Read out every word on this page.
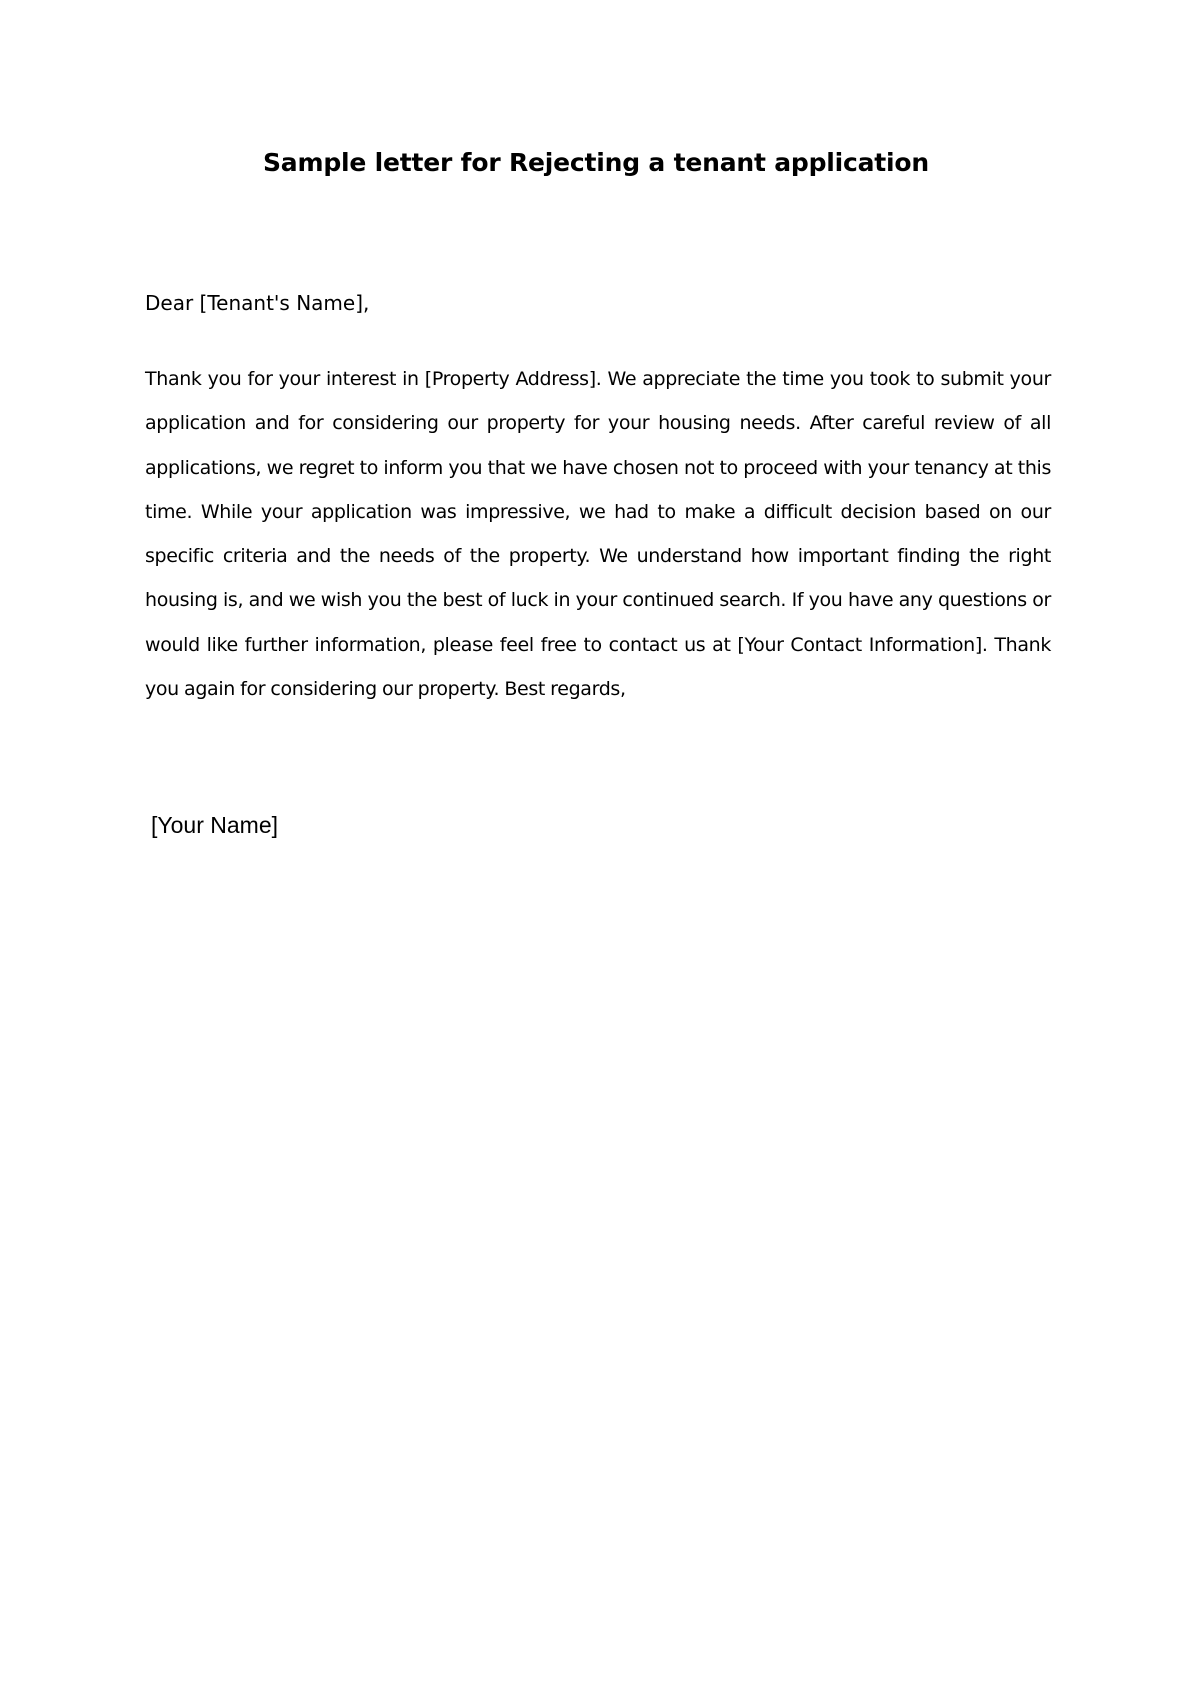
Sample letter for Rejecting a tenant application

Dear [Tenant's Name],

Thank you for your interest in [Property Address]. We appreciate the time you took to submit your application and for considering our property for your housing needs. After careful review of all applications, we regret to inform you that we have chosen not to proceed with your tenancy at this time. While your application was impressive, we had to make a difficult decision based on our specific criteria and the needs of the property. We understand how important finding the right housing is, and we wish you the best of luck in your continued search. If you have any questions or would like further information, please feel free to contact us at [Your Contact Information]. Thank you again for considering our property. Best regards,

[Your Name]
